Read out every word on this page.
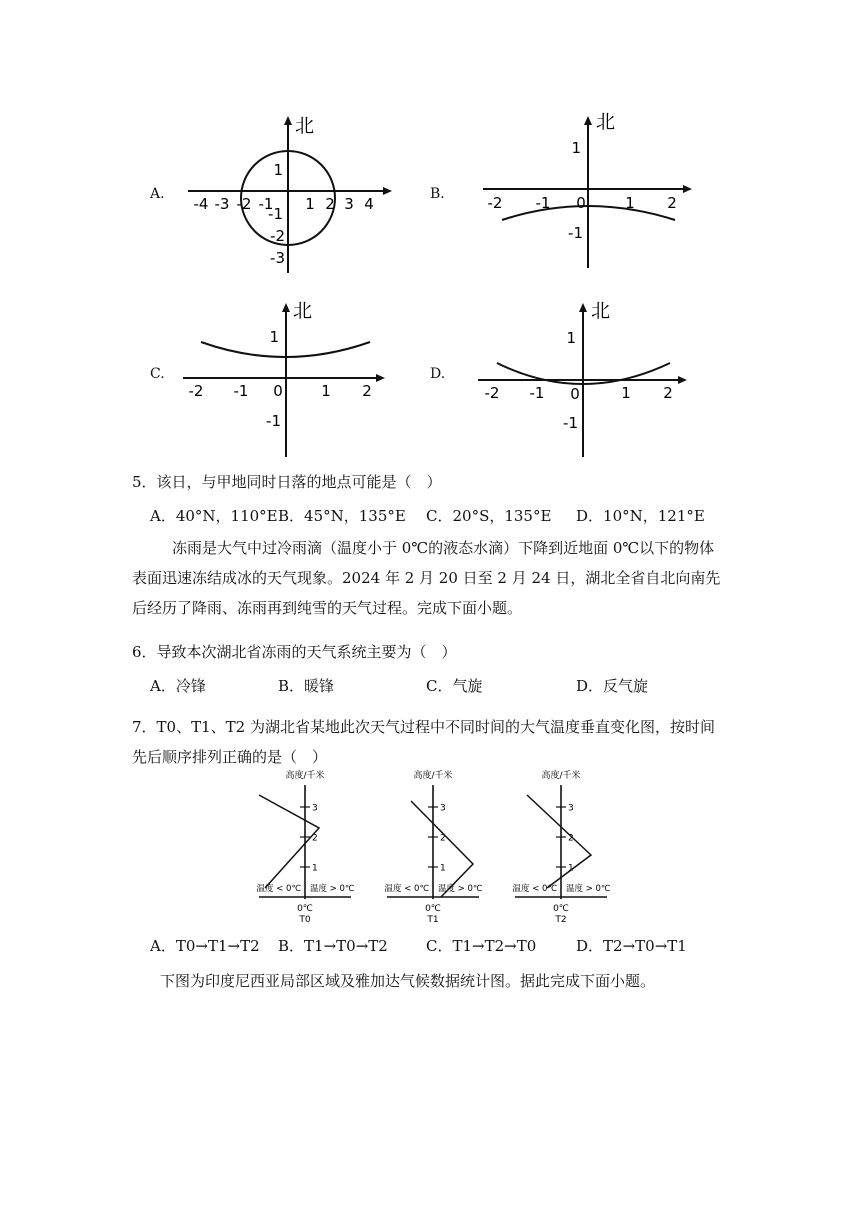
A.
北
-4 -3 -2 -1 1 2 3 4
1
-1
-2
-3
B.
北
-2 -1 0	1 2
1
-1
C.
北
-2 -1 0	1 2
1
-1
D.
北
-2 -1 0	1 2
1
-1
5．该日，与甲地同时日落的地点可能是（　）
A．40°N，110°EB．45°N，135°E C．20°S，135°E D．10°N，121°E
冻雨是大气中过冷雨滴（温度小于 0℃的液态水滴）下降到近地面 0℃以下的物体表面迅速冻结成冰的天气现象。2024 年 2 月 20 日至 2 月 24 日，湖北全省自北向南先后经历了降雨、冻雨再到纯雪的天气过程。完成下面小题。
6．导致本次湖北省冻雨的天气系统主要为（　）
A．冷锋	B．暖锋	C．气旋	D．反气旋
7．T0、T1、T2 为湖北省某地此次天气过程中不同时间的大气温度垂直变化图，按时间先后顺序排列正确的是（　）
高度/千米
3
2
1
温度 < 0℃ 温度 > 0℃
0℃
T0
高度/千米
3
2
1
温度 < 0℃ 温度 > 0℃
0℃
T1
高度/千米
3
2
1
温度 < 0℃ 温度 > 0℃
0℃
T2
A．T0→T1→T2 B．T1→T0→T2	C．T1→T2→T0	D．T2→T0→T1
下图为印度尼西亚局部区域及雅加达气候数据统计图。据此完成下面小题。
